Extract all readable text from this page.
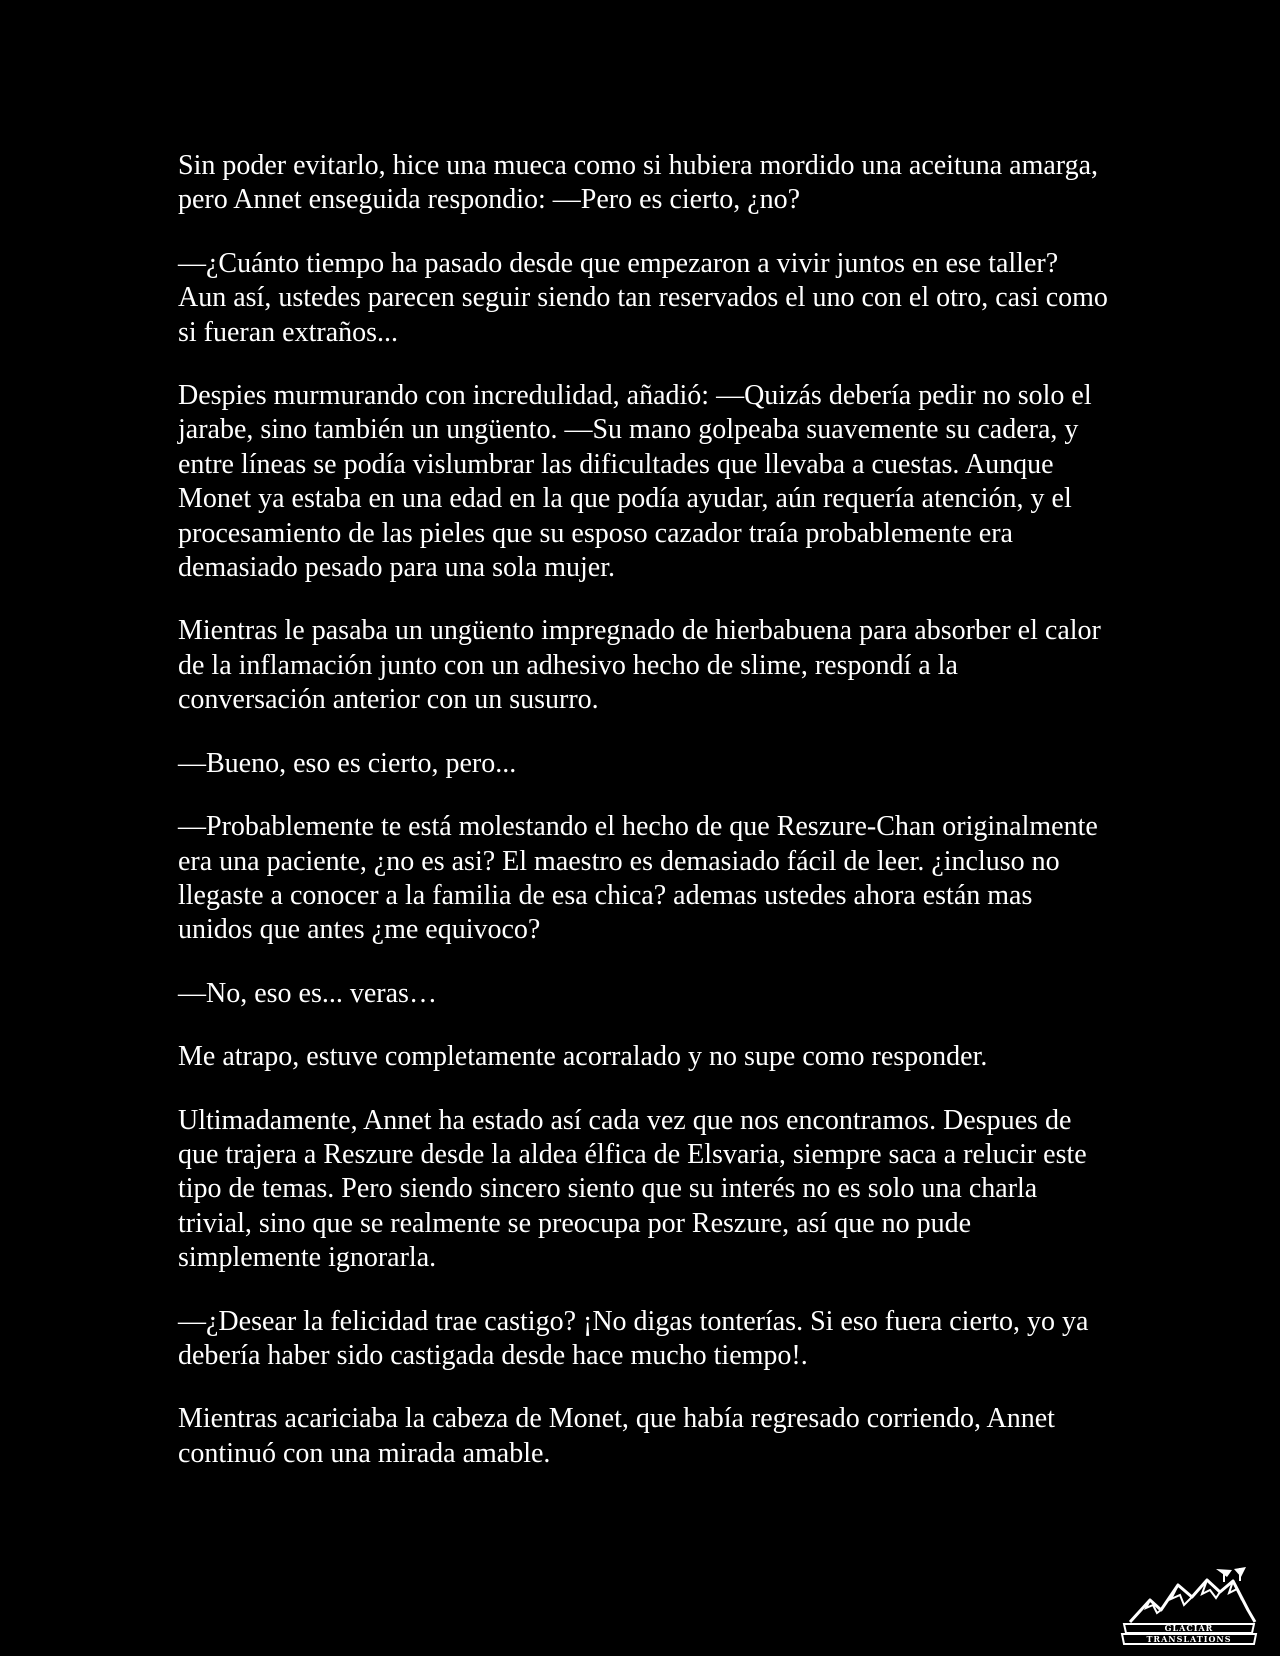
Sin poder evitarlo, hice una mueca como si hubiera mordido una aceituna amarga, pero Annet enseguida respondio: —Pero es cierto, ¿no?

—¿Cuánto tiempo ha pasado desde que empezaron a vivir juntos en ese taller? Aun así, ustedes parecen seguir siendo tan reservados el uno con el otro, casi como si fueran extraños...

Despies murmurando con incredulidad, añadió: —Quizás debería pedir no solo el jarabe, sino también un ungüento. —Su mano golpeaba suavemente su cadera, y entre líneas se podía vislumbrar las dificultades que llevaba a cuestas. Aunque Monet ya estaba en una edad en la que podía ayudar, aún requería atención, y el procesamiento de las pieles que su esposo cazador traía probablemente era demasiado pesado para una sola mujer.

Mientras le pasaba un ungüento impregnado de hierbabuena para absorber el calor de la inflamación junto con un adhesivo hecho de slime, respondí a la conversación anterior con un susurro.

—Bueno, eso es cierto, pero...

—Probablemente te está molestando el hecho de que Reszure-Chan originalmente era una paciente, ¿no es asi? El maestro es demasiado fácil de leer. ¿incluso no llegaste a conocer a la familia de esa chica? ademas ustedes ahora están mas unidos que antes ¿me equivoco?

—No, eso es... veras…

Me atrapo, estuve completamente acorralado y no supe como responder.

Ultimadamente, Annet ha estado así cada vez que nos encontramos. Despues de que trajera a Reszure desde la aldea élfica de Elsvaria, siempre saca a relucir este tipo de temas. Pero siendo sincero siento que su interés no es solo una charla trivial, sino que se realmente se preocupa por Reszure, así que no pude simplemente ignorarla.

—¿Desear la felicidad trae castigo? ¡No digas tonterías. Si eso fuera cierto, yo ya debería haber sido castigada desde hace mucho tiempo!.

Mientras acariciaba la cabeza de Monet, que había regresado corriendo, Annet continuó con una mirada amable.

GLACIAR
TRANSLATIONS
